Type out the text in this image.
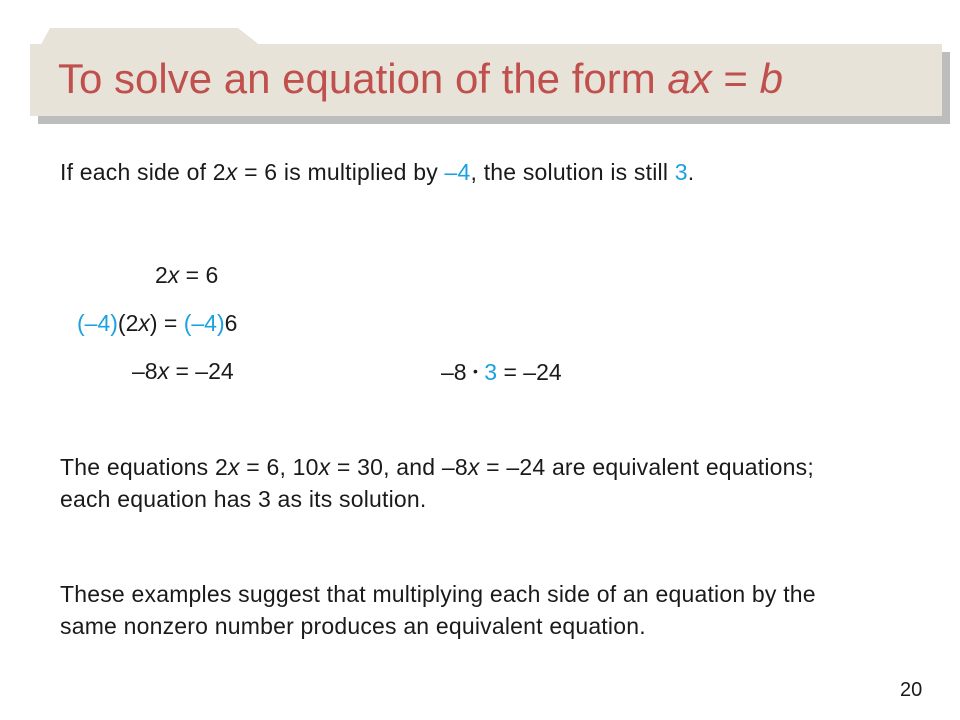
To solve an equation of the form ax = b
If each side of 2x = 6 is multiplied by –4, the solution is still 3.
2x = 6
(–4)(2x) = (–4)6
–8x = –24	–8 • 3 = –24
The equations 2x = 6, 10x = 30, and –8x = –24 are equivalent equations; each equation has 3 as its solution.
These examples suggest that multiplying each side of an equation by the same nonzero number produces an equivalent equation.
20
